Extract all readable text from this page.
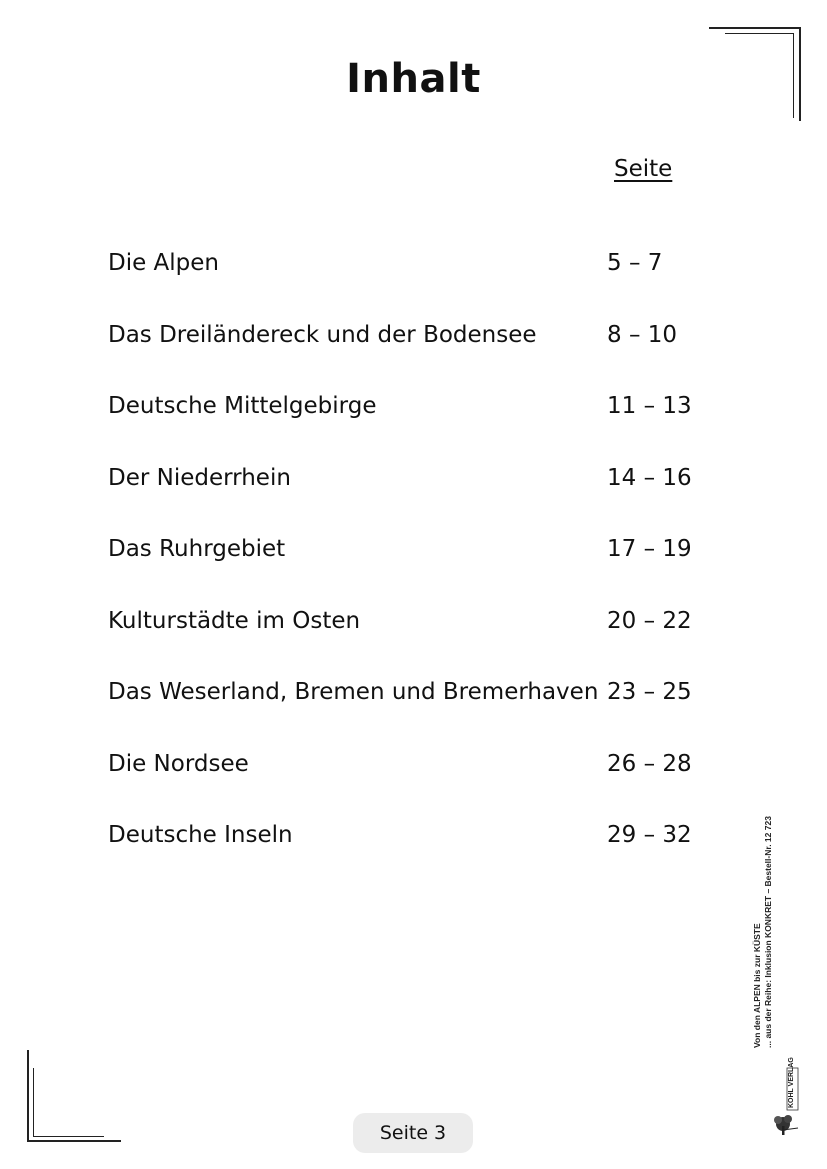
Inhalt
Seite
Die Alpen	5 – 7
Das Dreiländereck und der Bodensee	8 – 10
Deutsche Mittelgebirge	11 – 13
Der Niederrhein	14 – 16
Das Ruhrgebiet	17 – 19
Kulturstädte im Osten	20 – 22
Das Weserland, Bremen und Bremerhaven 23 – 25
Die Nordsee	26 – 28
Deutsche Inseln	29 – 32
Von den ALPEN bis zur KÜSTE ... aus der Reihe: Inklusion KONKRET – Bestell-Nr. 12 723
KOHL VERLAG
Seite 3
